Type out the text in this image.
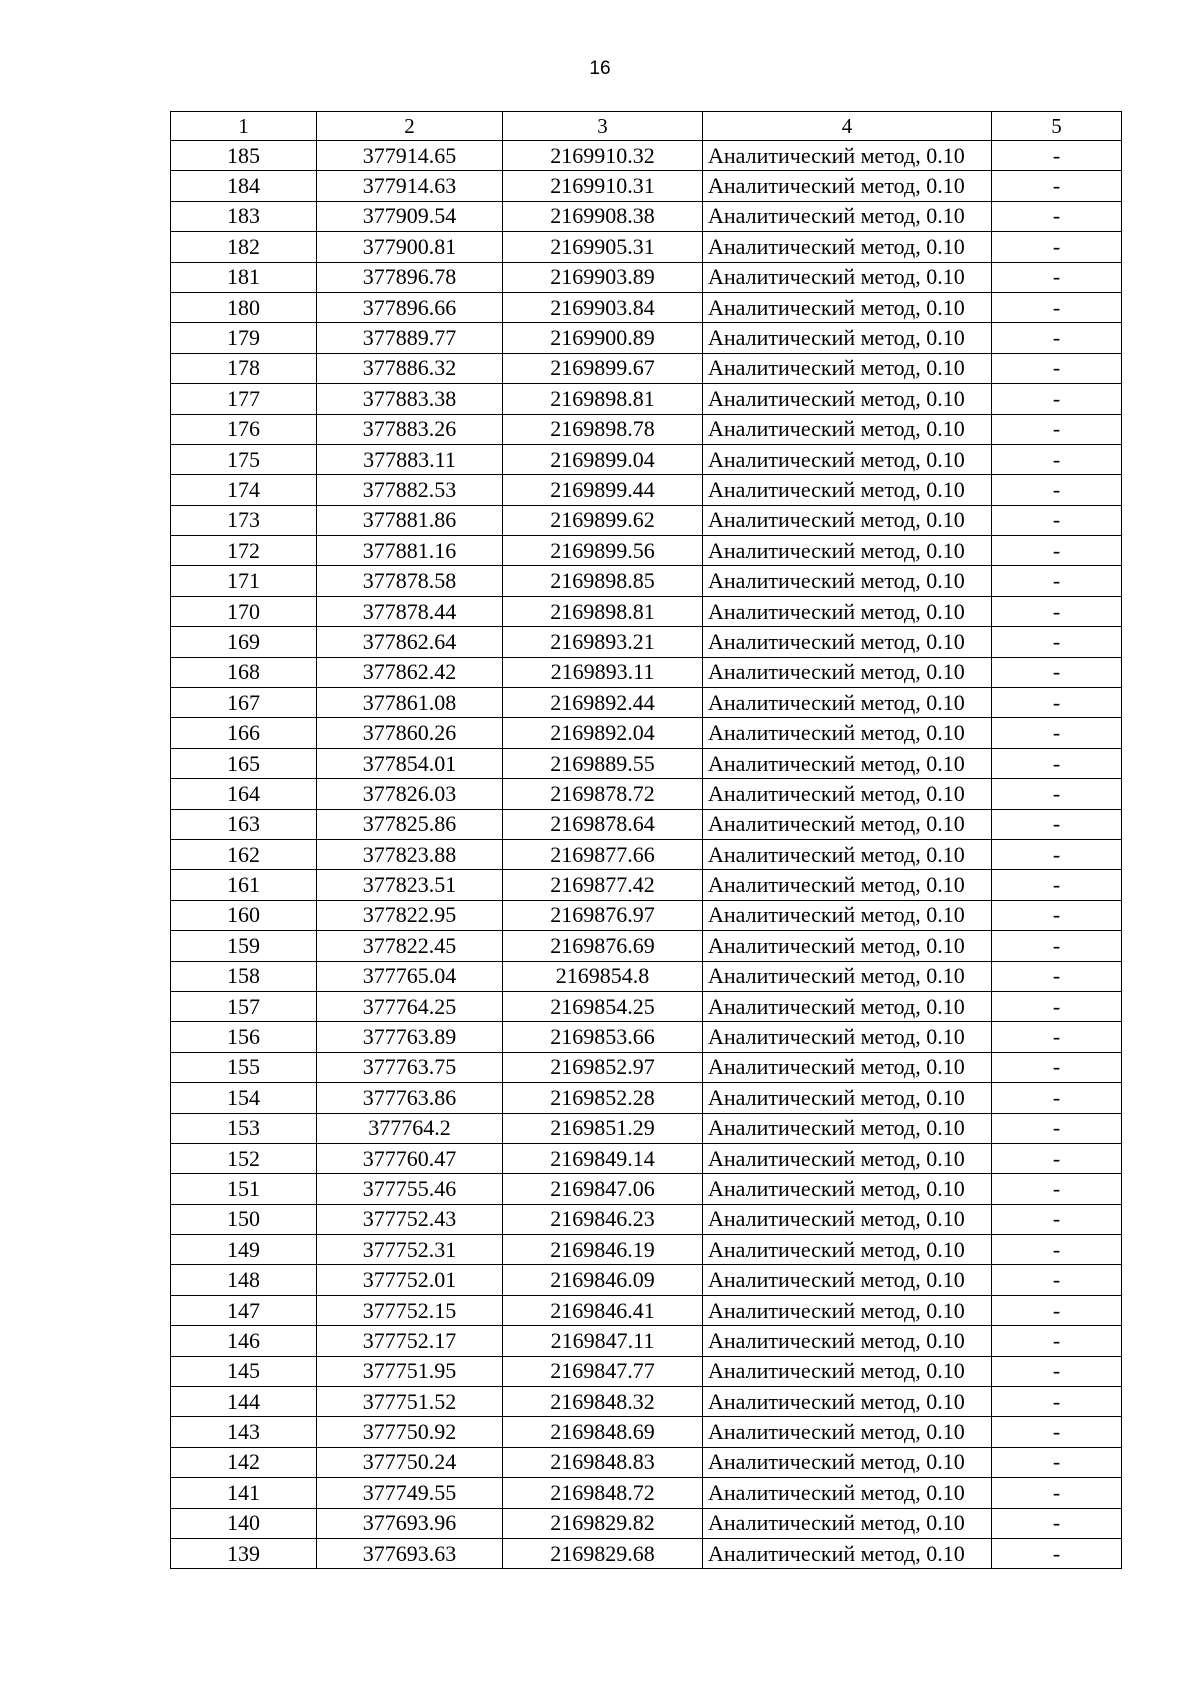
16
1	2	3	4	5
185	377914.65	2169910.32	Аналитический метод, 0.10	-
184	377914.63	2169910.31	Аналитический метод, 0.10	-
183	377909.54	2169908.38	Аналитический метод, 0.10	-
182	377900.81	2169905.31	Аналитический метод, 0.10	-
181	377896.78	2169903.89	Аналитический метод, 0.10	-
180	377896.66	2169903.84	Аналитический метод, 0.10	-
179	377889.77	2169900.89	Аналитический метод, 0.10	-
178	377886.32	2169899.67	Аналитический метод, 0.10	-
177	377883.38	2169898.81	Аналитический метод, 0.10	-
176	377883.26	2169898.78	Аналитический метод, 0.10	-
175	377883.11	2169899.04	Аналитический метод, 0.10	-
174	377882.53	2169899.44	Аналитический метод, 0.10	-
173	377881.86	2169899.62	Аналитический метод, 0.10	-
172	377881.16	2169899.56	Аналитический метод, 0.10	-
171	377878.58	2169898.85	Аналитический метод, 0.10	-
170	377878.44	2169898.81	Аналитический метод, 0.10	-
169	377862.64	2169893.21	Аналитический метод, 0.10	-
168	377862.42	2169893.11	Аналитический метод, 0.10	-
167	377861.08	2169892.44	Аналитический метод, 0.10	-
166	377860.26	2169892.04	Аналитический метод, 0.10	-
165	377854.01	2169889.55	Аналитический метод, 0.10	-
164	377826.03	2169878.72	Аналитический метод, 0.10	-
163	377825.86	2169878.64	Аналитический метод, 0.10	-
162	377823.88	2169877.66	Аналитический метод, 0.10	-
161	377823.51	2169877.42	Аналитический метод, 0.10	-
160	377822.95	2169876.97	Аналитический метод, 0.10	-
159	377822.45	2169876.69	Аналитический метод, 0.10	-
158	377765.04	2169854.8	Аналитический метод, 0.10	-
157	377764.25	2169854.25	Аналитический метод, 0.10	-
156	377763.89	2169853.66	Аналитический метод, 0.10	-
155	377763.75	2169852.97	Аналитический метод, 0.10	-
154	377763.86	2169852.28	Аналитический метод, 0.10	-
153	377764.2	2169851.29	Аналитический метод, 0.10	-
152	377760.47	2169849.14	Аналитический метод, 0.10	-
151	377755.46	2169847.06	Аналитический метод, 0.10	-
150	377752.43	2169846.23	Аналитический метод, 0.10	-
149	377752.31	2169846.19	Аналитический метод, 0.10	-
148	377752.01	2169846.09	Аналитический метод, 0.10	-
147	377752.15	2169846.41	Аналитический метод, 0.10	-
146	377752.17	2169847.11	Аналитический метод, 0.10	-
145	377751.95	2169847.77	Аналитический метод, 0.10	-
144	377751.52	2169848.32	Аналитический метод, 0.10	-
143	377750.92	2169848.69	Аналитический метод, 0.10	-
142	377750.24	2169848.83	Аналитический метод, 0.10	-
141	377749.55	2169848.72	Аналитический метод, 0.10	-
140	377693.96	2169829.82	Аналитический метод, 0.10	-
139	377693.63	2169829.68	Аналитический метод, 0.10	-
